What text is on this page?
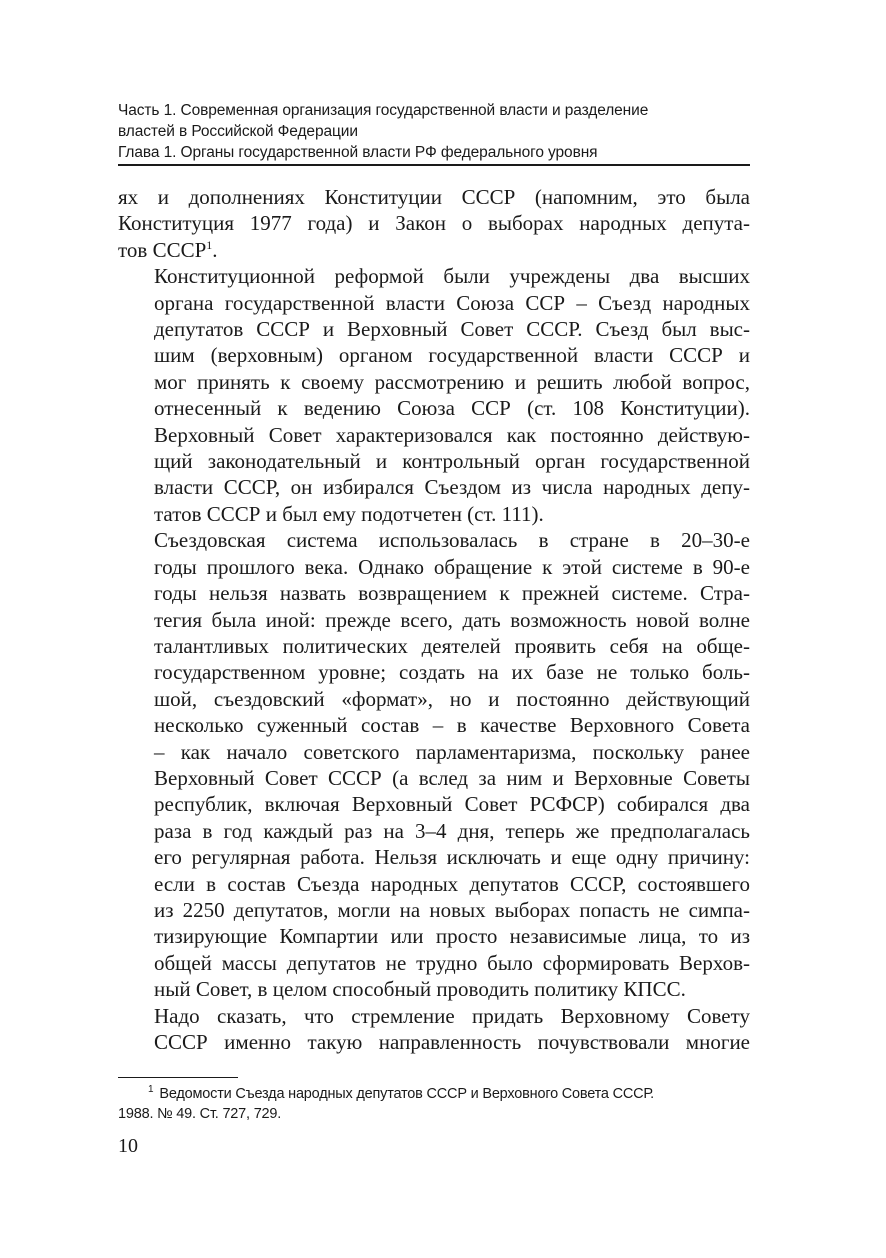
Часть 1. Современная организация государственной власти и разделение
властей в Российской Федерации
Глава 1. Органы государственной власти РФ федерального уровня

ях и дополнениях Конституции СССР (напомним, это была
Конституция 1977 года) и Закон о выборах народных депута-
тов СССР$^1$.

Конституционной реформой были учреждены два высших
органа государственной власти Союза ССР – Съезд народных
депутатов СССР и Верховный Совет СССР. Съезд был выс-
шим (верховным) органом государственной власти СССР и
мог принять к своему рассмотрению и решить любой вопрос,
отнесенный к ведению Союза ССР (ст. 108 Конституции).
Верховный Совет характеризовался как постоянно действую-
щий законодательный и контрольный орган государственной
власти СССР, он избирался Съездом из числа народных депу-
татов СССР и был ему подотчетен (ст. 111).

Съездовская система использовалась в стране в 20–30-е
годы прошлого века. Однако обращение к этой системе в 90-е
годы нельзя назвать возвращением к прежней системе. Стра-
тегия была иной: прежде всего, дать возможность новой волне
талантливых политических деятелей проявить себя на обще-
государственном уровне; создать на их базе не только боль-
шой, съездовский «формат», но и постоянно действующий
несколько суженный состав – в качестве Верховного Совета
– как начало советского парламентаризма, поскольку ранее
Верховный Совет СССР (а вслед за ним и Верховные Советы
республик, включая Верховный Совет РСФСР) собирался два
раза в год каждый раз на 3–4 дня, теперь же предполагалась
его регулярная работа. Нельзя исключать и еще одну причину:
если в состав Съезда народных депутатов СССР, состоявшего
из 2250 депутатов, могли на новых выборах попасть не симпа-
тизирующие Компартии или просто независимые лица, то из
общей массы депутатов не трудно было сформировать Верхов-
ный Совет, в целом способный проводить политику КПСС.

Надо сказать, что стремление придать Верховному Совету
СССР именно такую направленность почувствовали многие

$^1$ Ведомости Съезда народных депутатов СССР и Верховного Совета СССР.
1988. № 49. Ст. 727, 729.
10
